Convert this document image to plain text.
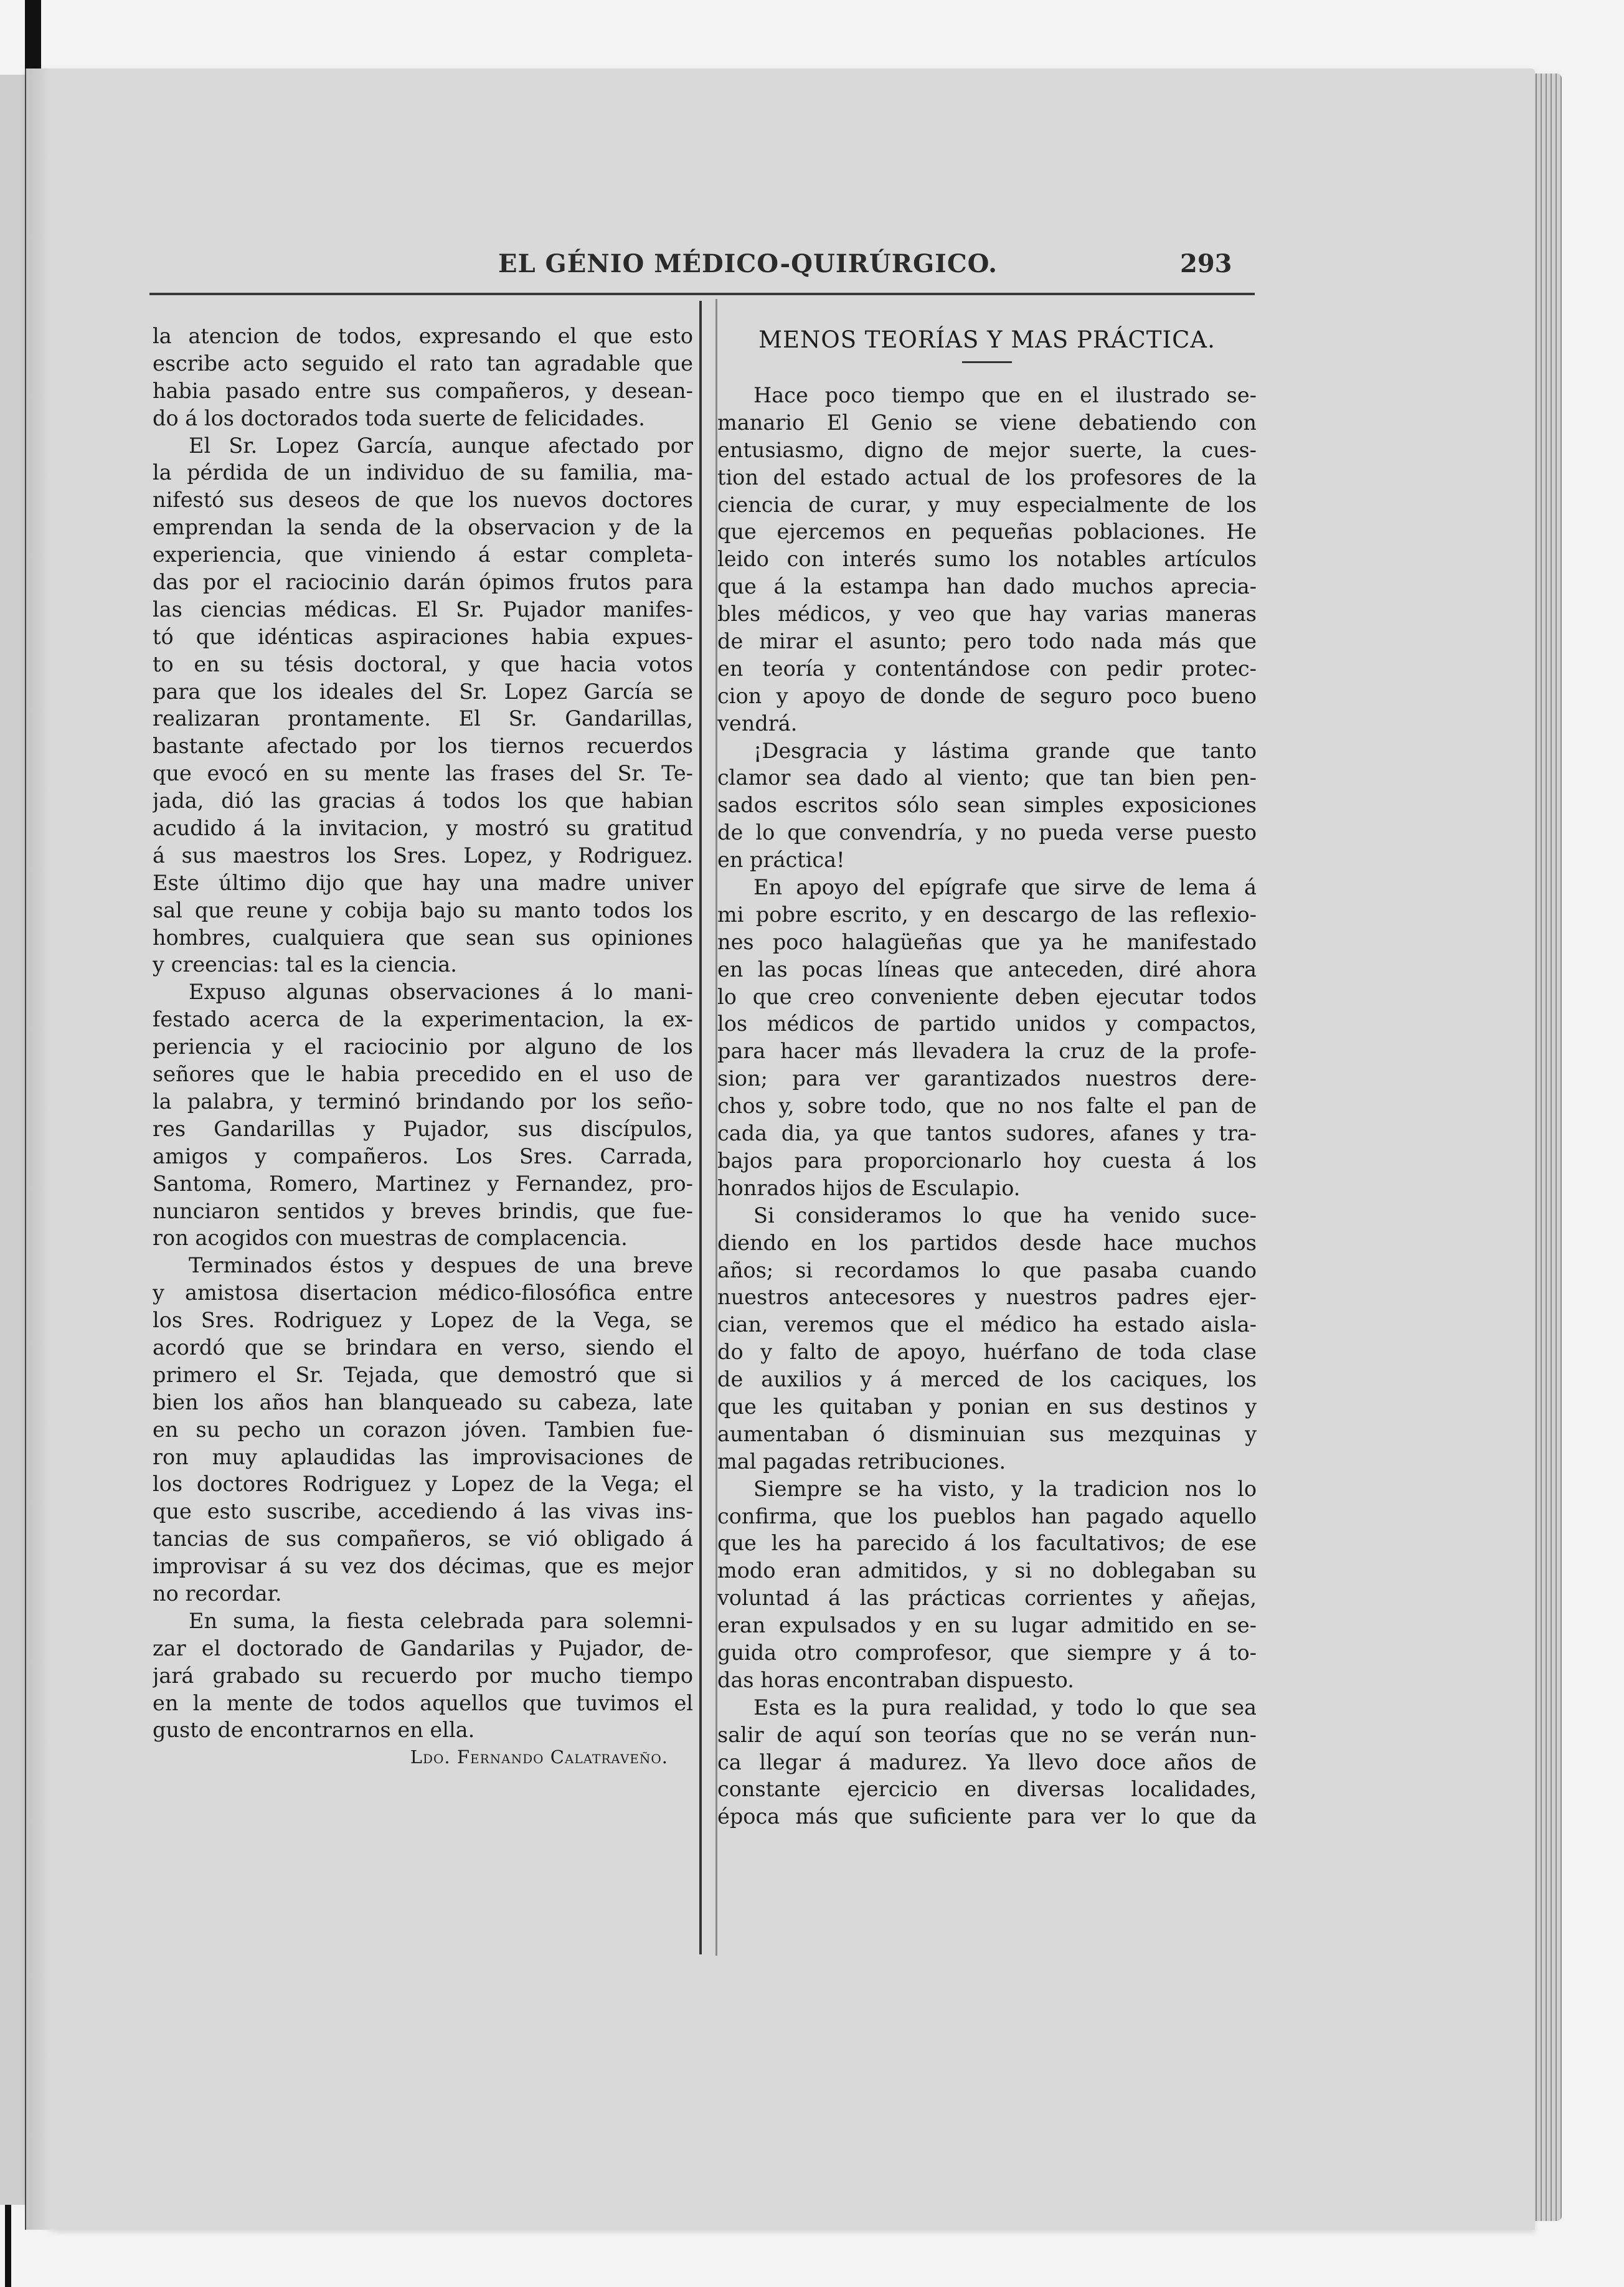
EL GÉNIO MÉDICO-QUIRÚRGICO.	293
la atencion de todos, expresando el que esto
escribe acto seguido el rato tan agradable que
habia pasado entre sus compañeros, y desean-
do á los doctorados toda suerte de felicidades.
El Sr. Lopez García, aunque afectado por
la pérdida de un individuo de su familia, ma-
nifestó sus deseos de que los nuevos doctores
emprendan la senda de la observacion y de la
experiencia, que viniendo á estar completa-
das por el raciocinio darán ópimos frutos para
las ciencias médicas. El Sr. Pujador manifes-
tó que idénticas aspiraciones habia expues-
to en su tésis doctoral, y que hacia votos
para que los ideales del Sr. Lopez García se
realizaran prontamente. El Sr. Gandarillas,
bastante afectado por los tiernos recuerdos
que evocó en su mente las frases del Sr. Te-
jada, dió las gracias á todos los que habian
acudido á la invitacion, y mostró su gratitud
á sus maestros los Sres. Lopez, y Rodriguez.
Este último dijo que hay una madre univer
sal que reune y cobija bajo su manto todos los
hombres, cualquiera que sean sus opiniones
y creencias: tal es la ciencia.
Expuso algunas observaciones á lo mani-
festado acerca de la experimentacion, la ex-
periencia y el raciocinio por alguno de los
señores que le habia precedido en el uso de
la palabra, y terminó brindando por los seño-
res Gandarillas y Pujador, sus discípulos,
amigos y compañeros. Los Sres. Carrada,
Santoma, Romero, Martinez y Fernandez, pro-
nunciaron sentidos y breves brindis, que fue-
ron acogidos con muestras de complacencia.
Terminados éstos y despues de una breve
y amistosa disertacion médico-filosófica entre
los Sres. Rodriguez y Lopez de la Vega, se
acordó que se brindara en verso, siendo el
primero el Sr. Tejada, que demostró que si
bien los años han blanqueado su cabeza, late
en su pecho un corazon jóven. Tambien fue-
ron muy aplaudidas las improvisaciones de
los doctores Rodriguez y Lopez de la Vega; el
que esto suscribe, accediendo á las vivas ins-
tancias de sus compañeros, se vió obligado á
improvisar á su vez dos décimas, que es mejor
no recordar.
En suma, la fiesta celebrada para solemni-
zar el doctorado de Gandarilas y Pujador, de-
jará grabado su recuerdo por mucho tiempo
en la mente de todos aquellos que tuvimos el
gusto de encontrarnos en ella.
Ldo. Fernando Calatraveño.
MENOS TEORÍAS Y MAS PRÁCTICA.
Hace poco tiempo que en el ilustrado se-
manario El Genio se viene debatiendo con
entusiasmo, digno de mejor suerte, la cues-
tion del estado actual de los profesores de la
ciencia de curar, y muy especialmente de los
que ejercemos en pequeñas poblaciones. He
leido con interés sumo los notables artículos
que á la estampa han dado muchos aprecia-
bles médicos, y veo que hay varias maneras
de mirar el asunto; pero todo nada más que
en teoría y contentándose con pedir protec-
cion y apoyo de donde de seguro poco bueno
vendrá.
¡Desgracia y lástima grande que tanto
clamor sea dado al viento; que tan bien pen-
sados escritos sólo sean simples exposiciones
de lo que convendría, y no pueda verse puesto
en práctica!
En apoyo del epígrafe que sirve de lema á
mi pobre escrito, y en descargo de las reflexio-
nes poco halagüeñas que ya he manifestado
en las pocas líneas que anteceden, diré ahora
lo que creo conveniente deben ejecutar todos
los médicos de partido unidos y compactos,
para hacer más llevadera la cruz de la profe-
sion; para ver garantizados nuestros dere-
chos y, sobre todo, que no nos falte el pan de
cada dia, ya que tantos sudores, afanes y tra-
bajos para proporcionarlo hoy cuesta á los
honrados hijos de Esculapio.
Si consideramos lo que ha venido suce-
diendo en los partidos desde hace muchos
años; si recordamos lo que pasaba cuando
nuestros antecesores y nuestros padres ejer-
cian, veremos que el médico ha estado aisla-
do y falto de apoyo, huérfano de toda clase
de auxilios y á merced de los caciques, los
que les quitaban y ponian en sus destinos y
aumentaban ó disminuian sus mezquinas y
mal pagadas retribuciones.
Siempre se ha visto, y la tradicion nos lo
confirma, que los pueblos han pagado aquello
que les ha parecido á los facultativos; de ese
modo eran admitidos, y si no doblegaban su
voluntad á las prácticas corrientes y añejas,
eran expulsados y en su lugar admitido en se-
guida otro comprofesor, que siempre y á to-
das horas encontraban dispuesto.
Esta es la pura realidad, y todo lo que sea
salir de aquí son teorías que no se verán nun-
ca llegar á madurez. Ya llevo doce años de
constante ejercicio en diversas localidades,
época más que suficiente para ver lo que da
